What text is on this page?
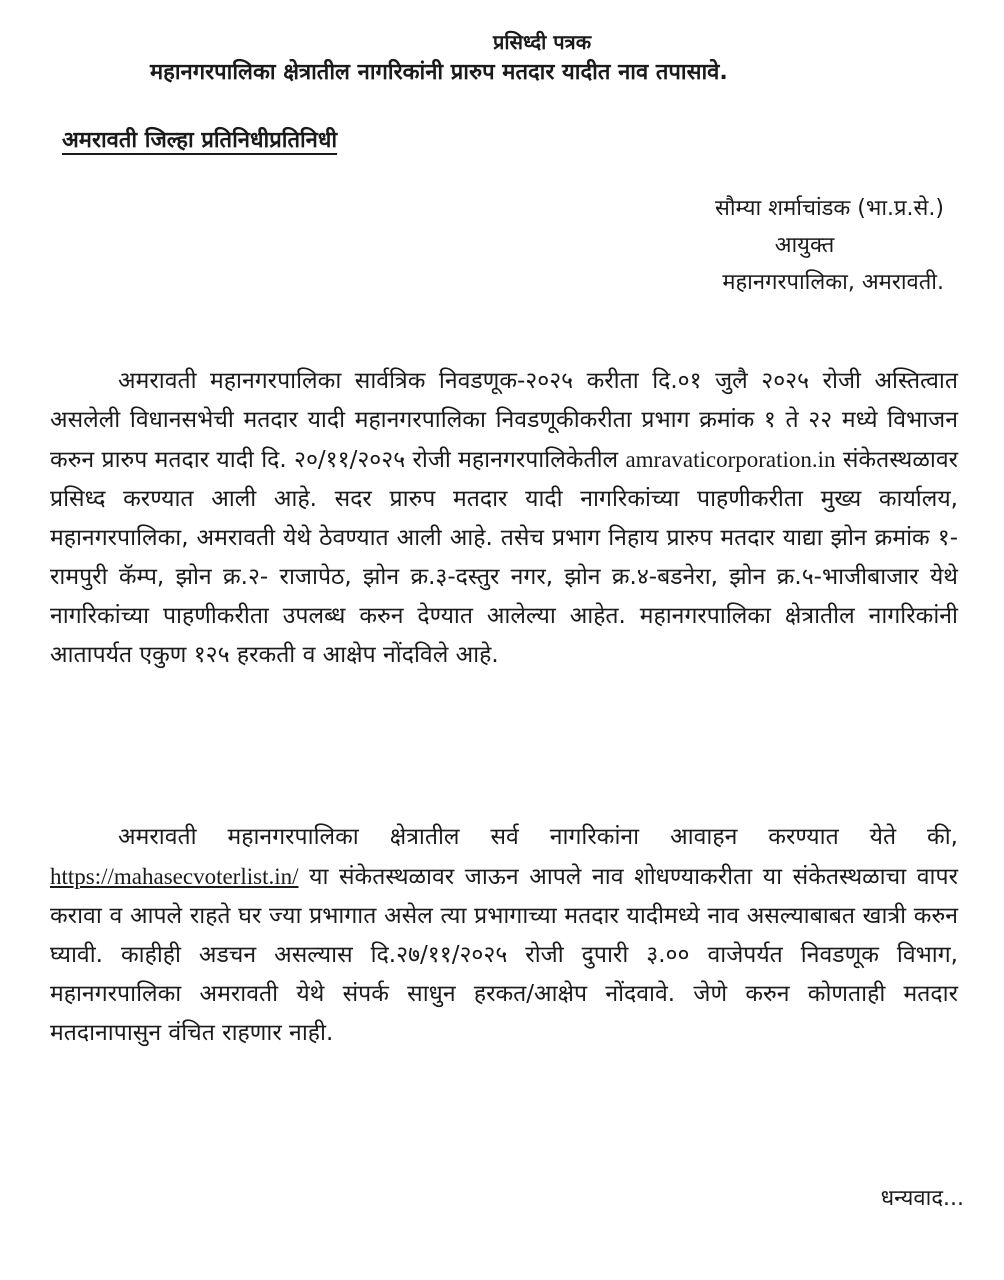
प्रसिध्दी पत्रक
महानगरपालिका क्षेत्रातील नागरिकांनी प्रारुप मतदार यादीत नाव तपासावे.
अमरावती जिल्हा प्रतिनिधीप्रतिनिधी
सौम्या शर्माचांडक (भा.प्र.से.)
आयुक्त
महानगरपालिका, अमरावती.

अमरावती महानगरपालिका सार्वत्रिक निवडणूक-२०२५ करीता दि.०१ जुलै २०२५ रोजी अस्तित्वात असलेली विधानसभेची मतदार यादी महानगरपालिका निवडणूकीकरीता प्रभाग क्रमांक १ ते २२ मध्ये विभाजन करुन प्रारुप मतदार यादी दि. २०/११/२०२५ रोजी महानगरपालिकेतील amravaticorporation.in संकेतस्थळावर प्रसिध्द करण्यात आली आहे. सदर प्रारुप मतदार यादी नागरिकांच्या पाहणीकरीता मुख्य कार्यालय, महानगरपालिका, अमरावती येथे ठेवण्यात आली आहे. तसेच प्रभाग निहाय प्रारुप मतदार याद्या झोन क्रमांक १-रामपुरी कॅम्प, झोन क्र.२- राजापेठ, झोन क्र.३-दस्तुर नगर, झोन क्र.४-बडनेरा, झोन क्र.५-भाजीबाजार येथे नागरिकांच्या पाहणीकरीता उपलब्ध करुन देण्यात आलेल्या आहेत. महानगरपालिका क्षेत्रातील नागरिकांनी आतापर्यत एकुण १२५ हरकती व आक्षेप नोंदविले आहे.

अमरावती महानगरपालिका क्षेत्रातील सर्व नागरिकांना आवाहन करण्यात येते की, https://mahasecvoterlist.in/ या संकेतस्थळावर जाऊन आपले नाव शोधण्याकरीता या संकेतस्थळाचा वापर करावा व आपले राहते घर ज्या प्रभागात असेल त्या प्रभागाच्या मतदार यादीमध्ये नाव असल्याबाबत खात्री करुन घ्यावी. काहीही अडचन असल्यास दि.२७/११/२०२५ रोजी दुपारी ३.०० वाजेपर्यत निवडणूक विभाग, महानगरपालिका अमरावती येथे संपर्क साधुन हरकत/आक्षेप नोंदवावे. जेणे करुन कोणताही मतदार मतदानापासुन वंचित राहणार नाही.

धन्यवाद...
